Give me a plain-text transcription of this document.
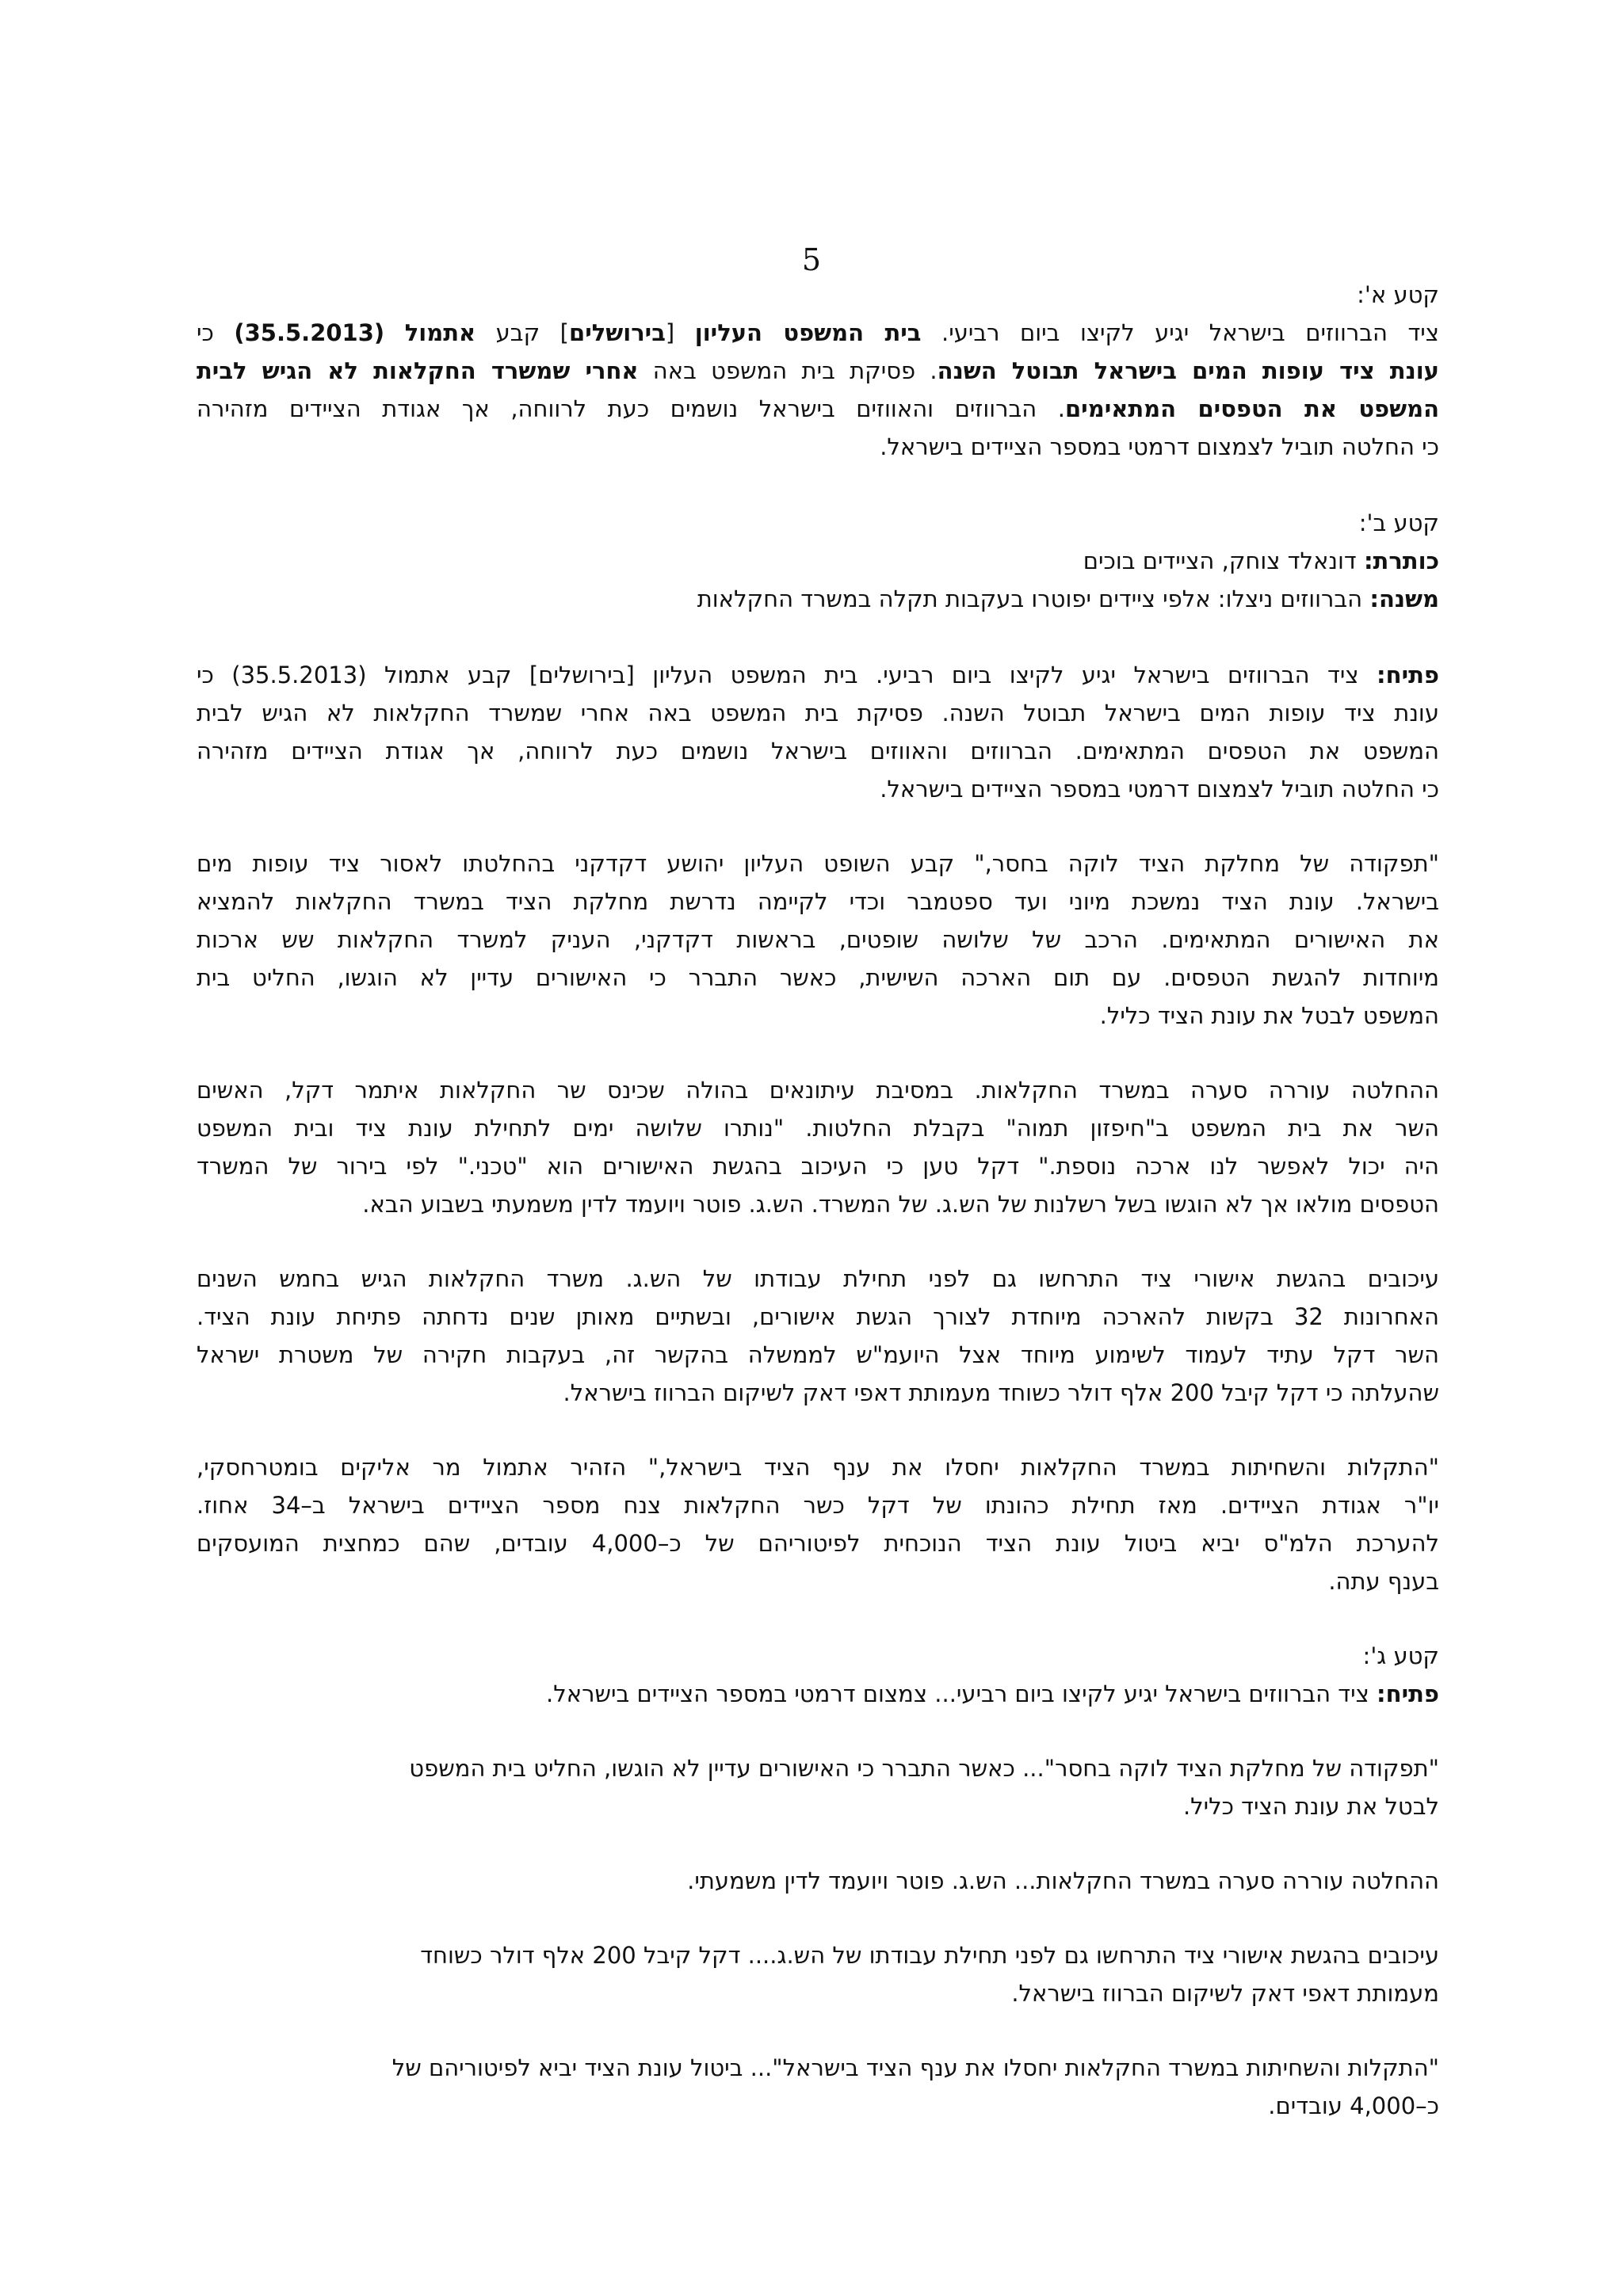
5
קטע א':
ציד הברווזים בישראל יגיע לקיצו ביום רביעי. בית המשפט העליון [בירושלים] קבע אתמול (35.5.2013) כי
עונת ציד עופות המים בישראל תבוטל השנה. פסיקת בית המשפט באה אחרי שמשרד החקלאות לא הגיש לבית
המשפט את הטפסים המתאימים. הברווזים והאווזים בישראל נושמים כעת לרווחה, אך אגודת הציידים מזהירה
כי החלטה תוביל לצמצום דרמטי במספר הציידים בישראל.
קטע ב':
כותרת: דונאלד צוחק, הציידים בוכים
משנה: הברווזים ניצלו: אלפי ציידים יפוטרו בעקבות תקלה במשרד החקלאות
פתיח: ציד הברווזים בישראל יגיע לקיצו ביום רביעי. בית המשפט העליון [בירושלים] קבע אתמול (35.5.2013) כי
עונת ציד עופות המים בישראל תבוטל השנה. פסיקת בית המשפט באה אחרי שמשרד החקלאות לא הגיש לבית
המשפט את הטפסים המתאימים. הברווזים והאווזים בישראל נושמים כעת לרווחה, אך אגודת הציידים מזהירה
כי החלטה תוביל לצמצום דרמטי במספר הציידים בישראל.
"תפקודה של מחלקת הציד לוקה בחסר," קבע השופט העליון יהושע דקדקני בהחלטתו לאסור ציד עופות מים
בישראל. עונת הציד נמשכת מיוני ועד ספטמבר וכדי לקיימה נדרשת מחלקת הציד במשרד החקלאות להמציא
את האישורים המתאימים. הרכב של שלושה שופטים, בראשות דקדקני, העניק למשרד החקלאות שש ארכות
מיוחדות להגשת הטפסים. עם תום הארכה השישית, כאשר התברר כי האישורים עדיין לא הוגשו, החליט בית
המשפט לבטל את עונת הציד כליל.
ההחלטה עוררה סערה במשרד החקלאות. במסיבת עיתונאים בהולה שכינס שר החקלאות איתמר דקל, האשים
השר את בית המשפט ב"חיפזון תמוה" בקבלת החלטות. "נותרו שלושה ימים לתחילת עונת ציד ובית המשפט
היה יכול לאפשר לנו ארכה נוספת." דקל טען כי העיכוב בהגשת האישורים הוא "טכני." לפי בירור של המשרד
הטפסים מולאו אך לא הוגשו בשל רשלנות של הש.ג. של המשרד. הש.ג. פוטר ויועמד לדין משמעתי בשבוע הבא.
עיכובים בהגשת אישורי ציד התרחשו גם לפני תחילת עבודתו של הש.ג. משרד החקלאות הגיש בחמש השנים
האחרונות 32 בקשות להארכה מיוחדת לצורך הגשת אישורים, ובשתיים מאותן שנים נדחתה פתיחת עונת הציד.
השר דקל עתיד לעמוד לשימוע מיוחד אצל היועמ"ש לממשלה בהקשר זה, בעקבות חקירה של משטרת ישראל
שהעלתה כי דקל קיבל 200 אלף דולר כשוחד מעמותת דאפי דאק לשיקום הברווז בישראל.
"התקלות והשחיתות במשרד החקלאות יחסלו את ענף הציד בישראל," הזהיר אתמול מר אליקים בומטרחסקי,
יו"ר אגודת הציידים. מאז תחילת כהונתו של דקל כשר החקלאות צנח מספר הציידים בישראל ב–34 אחוז.
להערכת הלמ"ס יביא ביטול עונת הציד הנוכחית לפיטוריהם של כ–4,000 עובדים, שהם כמחצית המועסקים
בענף עתה.
קטע ג':
פתיח: ציד הברווזים בישראל יגיע לקיצו ביום רביעי... צמצום דרמטי במספר הציידים בישראל.
"תפקודה של מחלקת הציד לוקה בחסר"... כאשר התברר כי האישורים עדיין לא הוגשו, החליט בית המשפט
לבטל את עונת הציד כליל.
ההחלטה עוררה סערה במשרד החקלאות... הש.ג. פוטר ויועמד לדין משמעתי.
עיכובים בהגשת אישורי ציד התרחשו גם לפני תחילת עבודתו של הש.ג.... דקל קיבל 200 אלף דולר כשוחד
מעמותת דאפי דאק לשיקום הברווז בישראל.
"התקלות והשחיתות במשרד החקלאות יחסלו את ענף הציד בישראל"... ביטול עונת הציד יביא לפיטוריהם של
כ–4,000 עובדים.
